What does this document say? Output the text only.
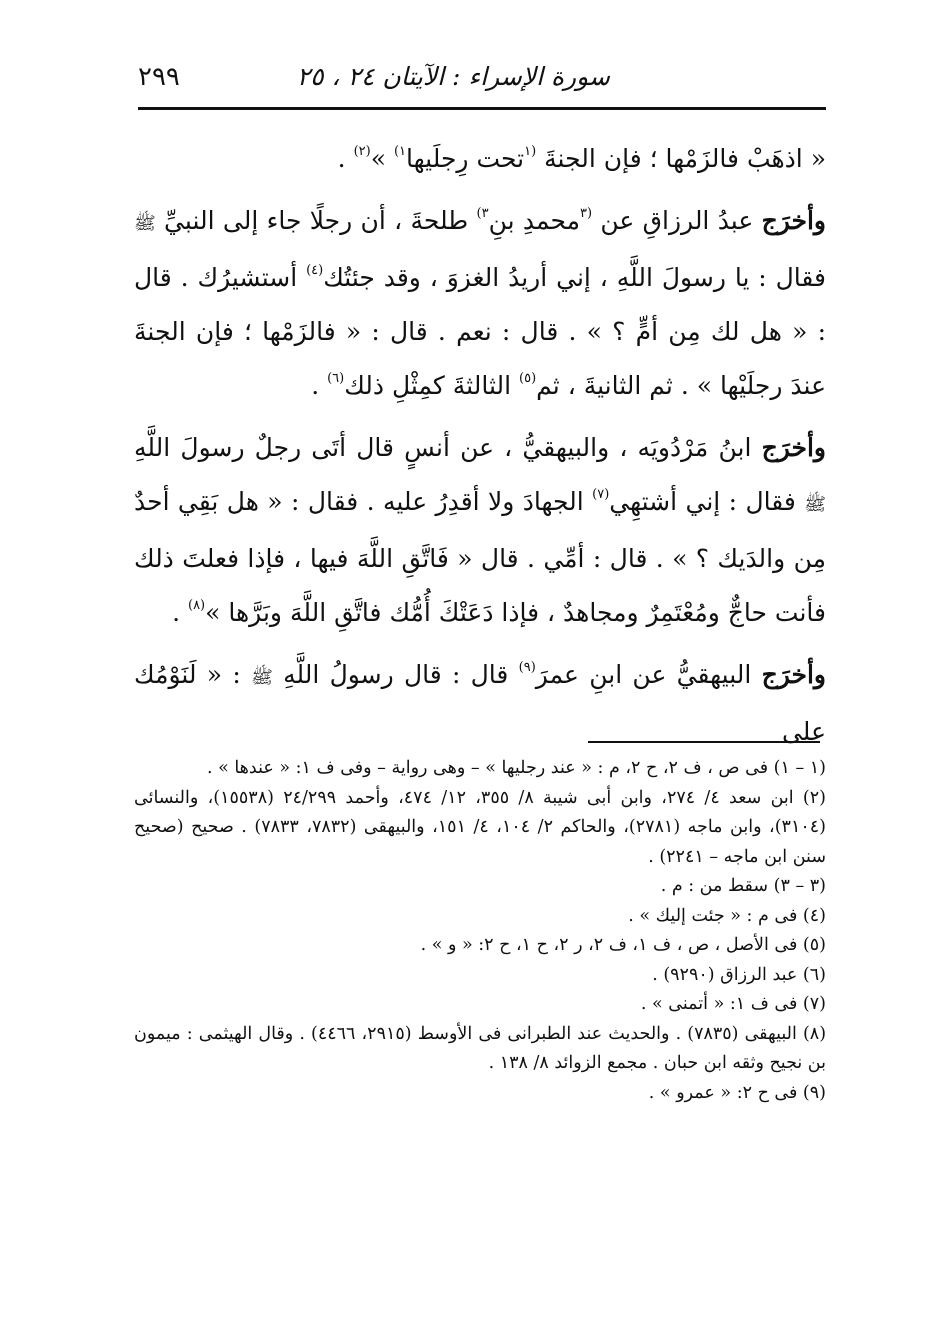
سورة الإسراء : الآيتان ٢٤ ، ٢٥
٢٩٩

« اذهَبْ فالزَمْها ؛ فإن الجنةَ $^{(١}$تحت رِجلَيها$^{١)}$ »$^{(٢)}$ .

وأخرَج عبدُ الرزاقِ عن $^{(٣}$محمدِ بنِ$^{٣)}$ طلحةَ ، أن رجلًا جاء إلى النبيِّ ﷺ فقال : يا رسولَ اللَّهِ ، إني أريدُ الغزوَ ، وقد جئتُك$^{(٤)}$ أستشيرُك . قال : « هل لك مِن أمٍّ ؟ » . قال : نعم . قال : « فالزَمْها ؛ فإن الجنةَ عندَ رجلَيْها » . ثم الثانيةَ ، ثم$^{(٥)}$ الثالثةَ كمِثْلِ ذلك$^{(٦)}$ .

وأخرَج ابنُ مَرْدُويَه ، والبيهقيُّ ، عن أنسٍ قال أتَى رجلٌ رسولَ اللَّهِ ﷺ فقال : إني أشتهِي$^{(٧)}$ الجهادَ ولا أقدِرُ عليه . فقال : « هل بَقِي أحدٌ مِن والدَيك ؟ » . قال : أمِّي . قال « فَاتَّقِ اللَّهَ فيها ، فإذا فعلتَ ذلك فأنت حاجٌّ ومُعْتَمِرٌ ومجاهدٌ ، فإذا دَعَتْكَ أُمُّك فاتَّقِ اللَّهَ وبَرَّها »$^{(٨)}$ .

وأخرَج البيهقيُّ عن ابنِ عمرَ$^{(٩)}$ قال : قال رسولُ اللَّهِ ﷺ : « لَنَوْمُك على

(١ – ١) فى ص ، ف ٢، ح ٢، م : « عند رجليها » – وهى رواية – وفى ف ١: « عندها » .

(٢) ابن سعد ٤/ ٢٧٤، وابن أبى شيبة ٨/ ٣٥٥، ١٢/ ٤٧٤، وأحمد ٢٤/٢٩٩ (١٥٥٣٨)، والنسائى (٣١٠٤)، وابن ماجه (٢٧٨١)، والحاكم ٢/ ١٠٤، ٤/ ١٥١، والبيهقى (٧٨٣٢، ٧٨٣٣) . صحيح (صحيح سنن ابن ماجه – ٢٢٤١) .

(٣ – ٣) سقط من : م .

(٤) فى م : « جئت إليك » .

(٥) فى الأصل ، ص ، ف ١، ف ٢، ر ٢، ح ١، ح ٢: « و » .

(٦) عبد الرزاق (٩٢٩٠) .

(٧) فى ف ١: « أتمنى » .

(٨) البيهقى (٧٨٣٥) . والحديث عند الطبرانى فى الأوسط (٢٩١٥، ٤٤٦٦) . وقال الهيثمى : ميمون بن نجيح وثقه ابن حبان . مجمع الزوائد ٨/ ١٣٨ .

(٩) فى ح ٢: « عمرو » .
